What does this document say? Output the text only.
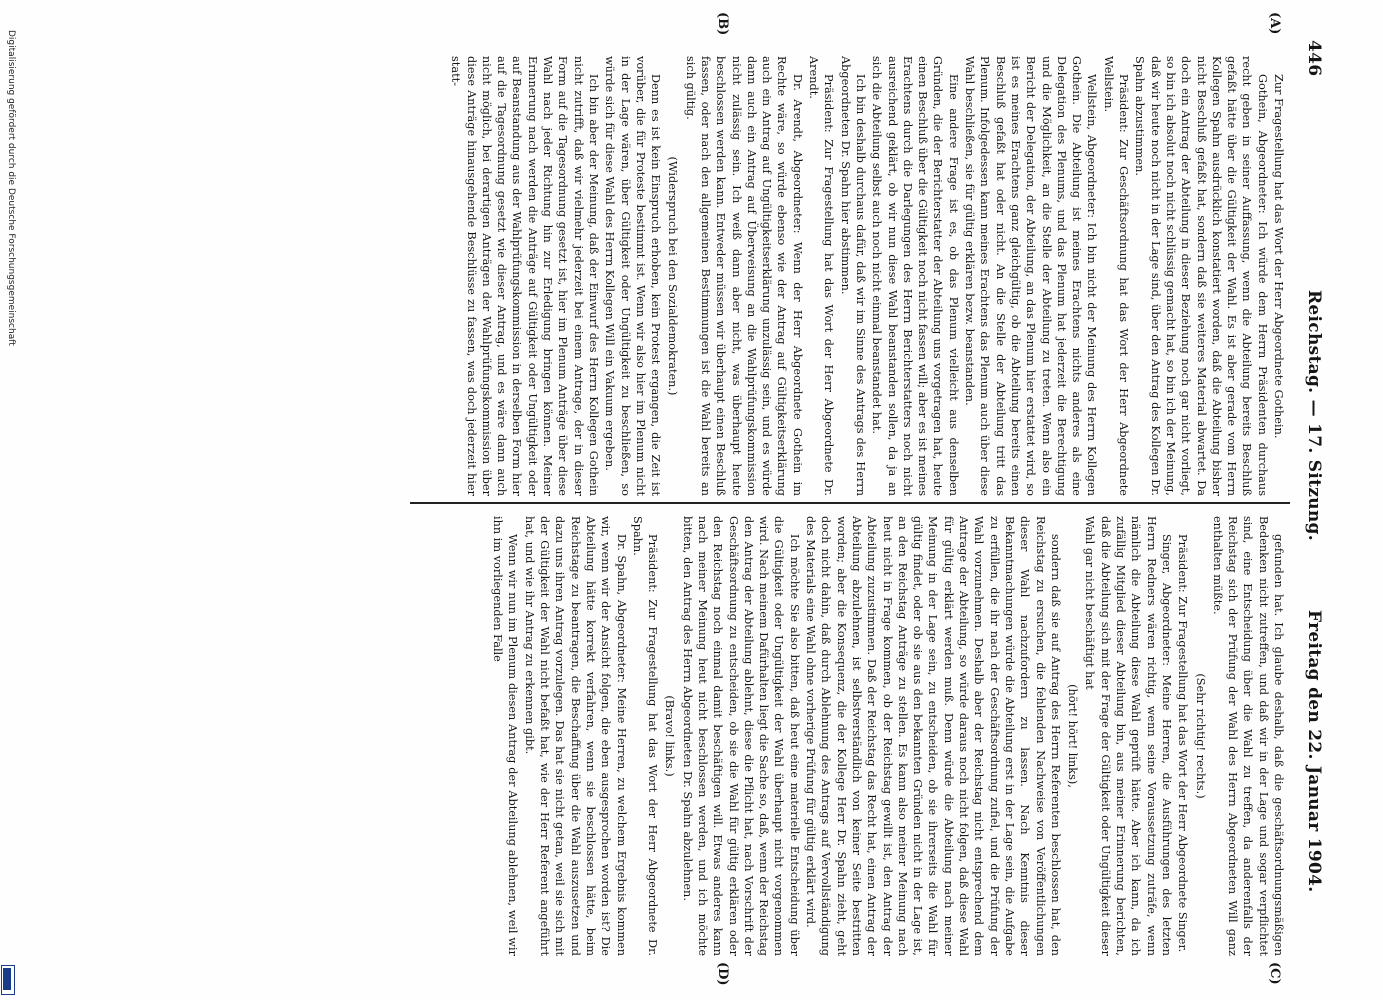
Digitalisierung gefördert durch die Deutsche Forschungsgemeinschaft	446
Reichstag. — 17. Sitzung.
Freitag den 22. Januar 1904.
(A)
(B)
(C)
(D)

Zur Fragestellung hat das Wort der Herr Abgeordnete Gothein.

Gothein, Abgeordneter: Ich würde dem Herrn Präsidenten durchaus recht geben in seiner Auffassung, wenn die Abteilung bereits Beschluß gefaßt hätte über die Gültigkeit der Wahl. Es ist aber gerade vom Herrn Kollegen Spahn ausdrücklich konstatiert worden, daß die Abteilung bisher nicht Beschluß gefaßt hat, sondern daß sie weiteres Material abwartet. Da doch ein Antrag der Abteilung in dieser Beziehung noch gar nicht vorliegt, so bin ich absolut noch nicht schlüssig gemacht hat, so bin ich der Meinung, daß wir heute noch nicht in der Lage sind, über den Antrag des Kollegen Dr. Spahn abzustimmen.

Präsident: Zur Geschäftsordnung hat das Wort der Herr Abgeordnete Wellstein.

Wellstein, Abgeordneter: Ich bin nicht der Meinung des Herrn Kollegen Gothein. Die Abteilung ist meines Erachtens nichts anderes als eine Delegation des Plenums, und das Plenum hat jederzeit die Berechtigung und die Möglichkeit, an die Stelle der Abteilung zu treten. Wenn also ein Bericht der Delegation, der Abteilung, an das Plenum hier erstattet wird, so ist es meines Erachtens ganz gleichgültig, ob die Abteilung bereits einen Beschluß gefaßt hat oder nicht. An die Stelle der Abteilung tritt das Plenum. Infolgedessen kann meines Erachtens das Plenum auch über diese Wahl beschließen, sie für gültig erklären bezw. beanstanden.

Eine andere Frage ist es, ob das Plenum vielleicht aus denselben Gründen, die der Berichterstatter der Abteilung uns vorgetragen hat, heute einen Beschluß über die Gültigkeit noch nicht fassen will; aber es ist meines Erachtens durch die Darlegungen des Herrn Berichterstatters noch nicht ausreichend geklärt, ob wir nun diese Wahl beanstanden sollen, da ja an sich die Abteilung selbst auch noch nicht einmal beanstandet hat.

Ich bin deshalb durchaus dafür, daß wir im Sinne des Antrags des Herrn Abgeordneten Dr. Spahn hier abstimmen.

Präsident: Zur Fragestellung hat das Wort der Herr Abgeordnete Dr. Arendt.

Dr. Arendt, Abgeordneter: Wenn der Herr Abgeordnete Gothein im Rechte wäre, so würde ebenso wie der Antrag auf Gültigkeitserklärung auch ein Antrag auf Ungültigkeitserklärung unzulässig sein, und es würde dann auch ein Antrag auf Überweisung an die Wahlprüfungskommission nicht zulässig sein. Ich weiß dann aber nicht, was überhaupt heute beschlossen werden kann. Entweder müssen wir überhaupt einen Beschluß fassen, oder nach den allgemeinen Bestimmungen ist die Wahl bereits an sich gültig.

(Widerspruch bei den Sozialdemokraten.)

Denn es ist kein Einspruch erhoben, kein Protest ergangen, die Zeit ist vorüber, die für Proteste bestimmt ist. Wenn wir also hier im Plenum nicht in der Lage wären, über Gültigkeit oder Ungültigkeit zu beschließen, so würde sich für diese Wahl des Herrn Kollegen Will ein Vakuum ergeben.

Ich bin aber der Meinung, daß der Einwurf des Herrn Kollegen Gothein nicht zutrifft, daß wir vielmehr jederzeit bei einem Antrage, der in dieser Form auf die Tagesordnung gesetzt ist, hier im Plenum Anträge über diese Wahl nach jeder Richtung hin zur Erledigung bringen können. Meiner Erinnerung nach werden die Anträge auf Gültigkeit oder Ungültigkeit oder auf Beanstandung aus der Wahlprüfungskommission in derselben Form hier auf die Tagesordnung gesetzt wie dieser Antrag, und es wäre dann auch nicht möglich, bei derartigen Anträgen der Wahlprüfungskommission über diese Anträge hinausgehende Beschlüsse zu fassen, was doch jederzeit hier statt-

gefunden hat. Ich glaube deshalb, daß die geschäftsordnungsmäßigen Bedenken nicht zutreffen, und daß wir in der Lage und sogar verpflichtet sind, eine Entscheidung über die Wahl zu treffen, da anderenfalls der Reichstag sich der Prüfung der Wahl des Herrn Abgeordneten Will ganz enthalten müßte.

(Sehr richtig! rechts.)

Präsident: Zur Fragestellung hat das Wort der Herr Abgeordnete Singer.

Singer, Abgeordneter: Meine Herren, die Ausführungen des letzten Herrn Redners wären richtig, wenn seine Voraussetzung zuträfe, wenn nämlich die Abteilung diese Wahl geprüft hätte. Aber ich kann, da ich zufällig Mitglied dieser Abteilung bin, aus meiner Erinnerung berichten, daß die Abteilung sich mit der Frage der Gültigkeit oder Ungültigkeit dieser Wahl gar nicht beschäftigt hat

(hört! hört! links),

sondern daß sie auf Antrag des Herrn Referenten beschlossen hat, den Reichstag zu ersuchen, die fehlenden Nachweise von Veröffentlichungen dieser Wahl nachzufordern zu lassen. Nach Kenntnis dieser Bekanntmachungen würde die Abteilung erst in der Lage sein, die Aufgabe zu erfüllen, die ihr nach der Geschäftsordnung zufiel, und die Prüfung der Wahl vorzunehmen. Deshalb aber der Reichstag nicht entsprechend dem Antrage der Abteilung, so würde daraus noch nicht folgen, daß diese Wahl für gültig erklärt werden muß. Denn würde die Abteilung nach meiner Meinung in der Lage sein, zu entscheiden, ob sie ihrerseits die Wahl für gültig findet, oder ob sie aus den bekannten Gründen nicht in der Lage ist, an den Reichstag Anträge zu stellen. Es kann also meiner Meinung nach heut nicht in Frage kommen, ob der Reichstag gewillt ist, den Antrag der Abteilung zuzustimmen. Daß der Reichstag das Recht hat, einen Antrag der Abteilung abzulehnen, ist selbstverständlich von keiner Seite bestritten worden; aber die Konsequenz, die der Kollege Herr Dr. Spahn zieht, geht doch nicht dahin, daß durch Ablehnung des Antrags auf Vervollständigung des Materials eine Wahl ohne vorherige Prüfung für gültig erklärt wird.

Ich möchte Sie also bitten, daß heut eine materielle Entscheidung über die Gültigkeit oder Ungültigkeit der Wahl überhaupt nicht vorgenommen wird. Nach meinem Dafürhalten liegt die Sache so, daß, wenn der Reichstag den Antrag der Abteilung ablehnt, diese die Pflicht hat, nach Vorschrift der Geschäftsordnung zu entscheiden, ob sie die Wahl für gültig erklären oder den Reichstag noch einmal damit beschäftigen will. Etwas anderes kann nach meiner Meinung heut nicht beschlossen werden, und ich möchte bitten, den Antrag des Herrn Abgeordneten Dr. Spahn abzulehnen.

(Bravo! links.)

Präsident: Zur Fragestellung hat das Wort der Herr Abgeordnete Dr. Spahn.

Dr. Spahn, Abgeordneter: Meine Herren, zu welchem Ergebnis kommen wir, wenn wir der Ansicht folgen, die eben ausgesprochen worden ist? Die Abteilung hätte korrekt verfahren, wenn sie beschlossen hätte, beim Reichstage zu beantragen, die Beschaffung über die Wahl auszusetzen und dazu uns ihren Antrag vorzulegen. Das hat sie nicht getan, weil sie sich mit der Gültigkeit der Wahl nicht befaßt hat, wie der Herr Referent angeführt hat, und wie ihr Antrag zu erkennen gibt.

Wenn wir nun im Plenum diesen Antrag der Abteilung ablehnen, weil wir ihn im vorliegenden Falle
